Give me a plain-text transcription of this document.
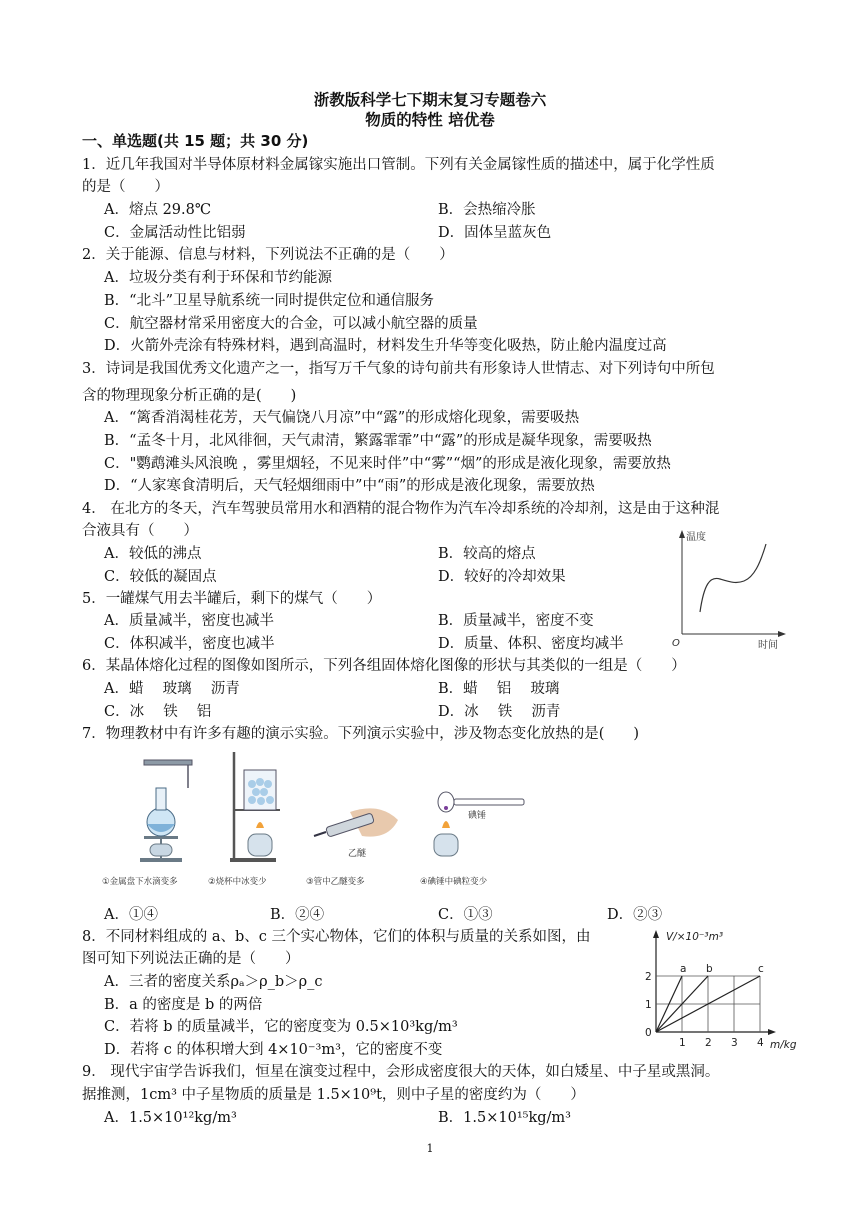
浙教版科学七下期末复习专题卷六
物质的特性 培优卷
一、单选题(共 15 题；共 30 分)
1．近几年我国对半导体原材料金属镓实施出口管制。下列有关金属镓性质的描述中，属于化学性质
的是（　　）
A．熔点 29.8℃	B．会热缩冷胀
C．金属活动性比铝弱	D．固体呈蓝灰色
2．关于能源、信息与材料，下列说法不正确的是（　　）
A．垃圾分类有利于环保和节约能源
B．“北斗”卫星导航系统一同时提供定位和通信服务
C．航空器材常采用密度大的合金，可以减小航空器的质量
D．火箭外壳涂有特殊材料，遇到高温时，材料发生升华等变化吸热，防止舱内温度过高
3．诗词是我国优秀文化遗产之一，指写万千气象的诗句前共有形象诗人世情志、对下列诗句中所包
含的物理现象分析正确的是(　　)
A．“篱香消渴桂花芳，天气偏饶八月凉”中“露”的形成熔化现象，需要吸热
B．“孟冬十月，北风徘徊，天气肃清，繁露霏霏”中“露”的形成是凝华现象，需要吸热
C．"鹦鹉滩头风浪晚 ，雾里烟轻，不见来时伴”中“雾”“烟”的形成是液化现象，需要放热
D．“人家寒食清明后，天气轻烟细雨中”中“雨”的形成是液化现象，需要放热
4． 在北方的冬天，汽车驾驶员常用水和酒精的混合物作为汽车冷却系统的冷却剂，这是由于这种混
合液具有（　　）
A．较低的沸点	B．较高的熔点
C．较低的凝固点	D．较好的冷却效果
5．一罐煤气用去半罐后，剩下的煤气（　　）
A．质量减半，密度也减半	B．质量减半，密度不变
C．体积减半，密度也减半	D．质量、体积、密度均减半
温度
O	时间
6．某晶体熔化过程的图像如图所示，下列各组固体熔化图像的形状与其类似的一组是（　　）
A．蜡　 玻璃　 沥青	B．蜡　 铝　 玻璃
C．冰　 铁　 铝	D．冰　 铁　 沥青
7．物理教材中有许多有趣的演示实验。下列演示实验中，涉及物态变化放热的是(　　)
乙醚
碘锤
①金属盘下水滴变多	②烧杯中冰变少	③管中乙醚变多	④碘锤中碘粒变少
A．①④	B．②④	C．①③	D．②③
8．不同材料组成的 a、b、c 三个实心物体，它们的体积与质量的关系如图，由
图可知下列说法正确的是（　　）
A．三者的密度关系ρₐ＞ρ_b＞ρ_c
B．a 的密度是 b 的两倍
C．若将 b 的质量减半，它的密度变为 0.5×10³kg/m³
D．若将 c 的体积增大到 4×10⁻³m³，它的密度不变
a b	c
1 2 3 4
0
1
2
V/×10⁻³m³
m/kg
9． 现代宇宙学告诉我们，恒星在演变过程中，会形成密度很大的天体，如白矮星、中子星或黑洞。
据推测，1cm³ 中子星物质的质量是 1.5×10⁹t，则中子星的密度约为（　　）
A．1.5×10¹²kg/m³	B．1.5×10¹⁵kg/m³
1
